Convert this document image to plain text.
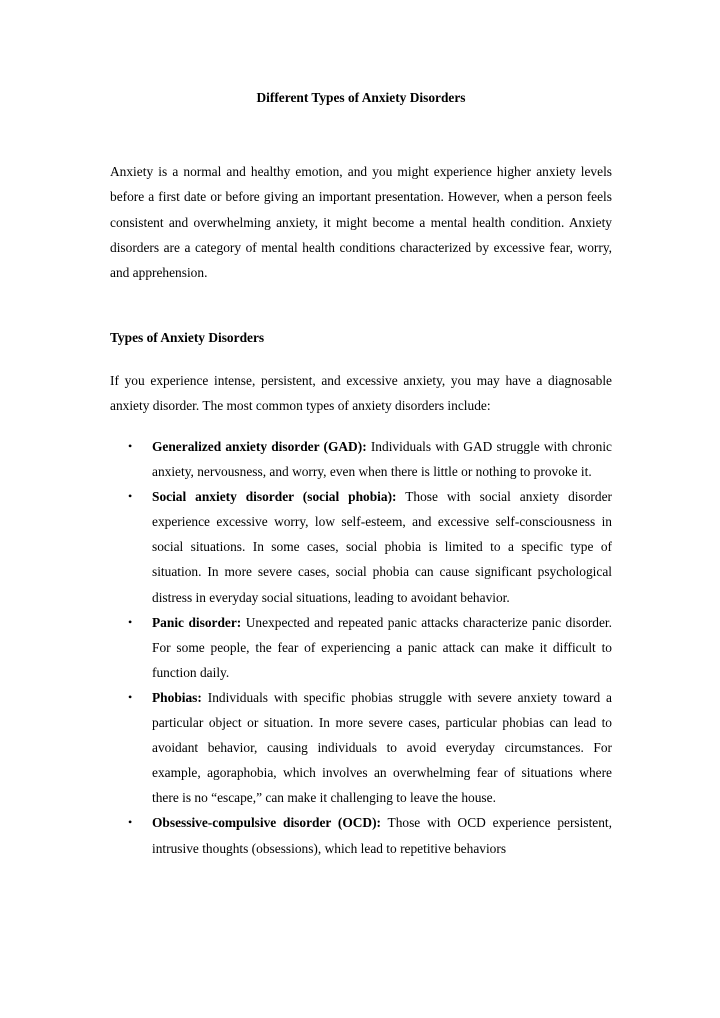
Different Types of Anxiety Disorders

Anxiety is a normal and healthy emotion, and you might experience higher anxiety levels before a first date or before giving an important presentation. However, when a person feels consistent and overwhelming anxiety, it might become a mental health condition. Anxiety disorders are a category of mental health conditions characterized by excessive fear, worry, and apprehension.

Types of Anxiety Disorders

If you experience intense, persistent, and excessive anxiety, you may have a diagnosable anxiety disorder. The most common types of anxiety disorders include:

• Generalized anxiety disorder (GAD): Individuals with GAD struggle with chronic anxiety, nervousness, and worry, even when there is little or nothing to provoke it.
• Social anxiety disorder (social phobia): Those with social anxiety disorder experience excessive worry, low self-esteem, and excessive self-consciousness in social situations. In some cases, social phobia is limited to a specific type of situation. In more severe cases, social phobia can cause significant psychological distress in everyday social situations, leading to avoidant behavior.
• Panic disorder: Unexpected and repeated panic attacks characterize panic disorder. For some people, the fear of experiencing a panic attack can make it difficult to function daily.
• Phobias: Individuals with specific phobias struggle with severe anxiety toward a particular object or situation. In more severe cases, particular phobias can lead to avoidant behavior, causing individuals to avoid everyday circumstances. For example, agoraphobia, which involves an overwhelming fear of situations where there is no “escape,” can make it challenging to leave the house.
• Obsessive-compulsive disorder (OCD): Those with OCD experience persistent, intrusive thoughts (obsessions), which lead to repetitive behaviors
